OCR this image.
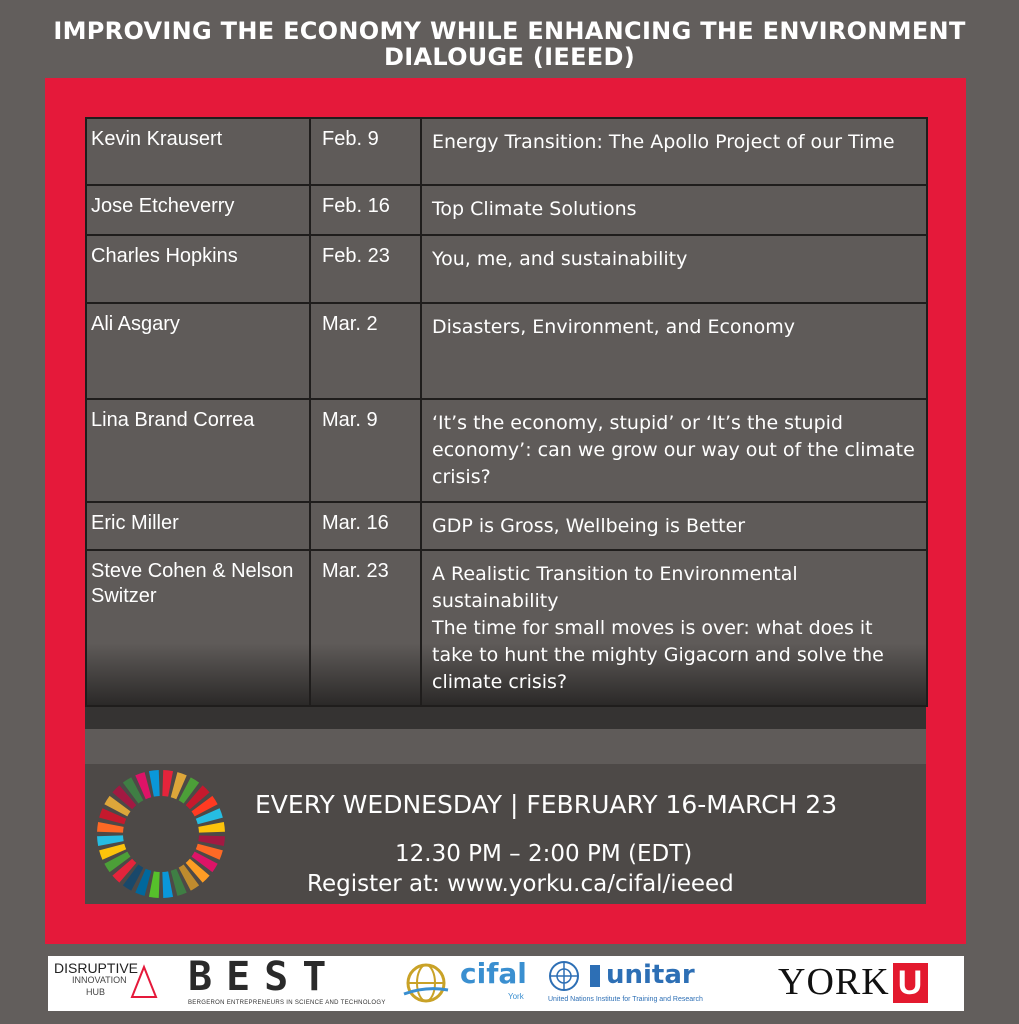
IMPROVING THE ECONOMY WHILE ENHANCING THE ENVIRONMENT
DIALOUGE (IEEED)
Kevin Krausert	Feb. 9	Energy Transition: The Apollo Project of our Time

Jose Etcheverry	Feb. 16	Top Climate Solutions

Charles Hopkins	Feb. 23	You, me, and sustainability

Ali Asgary	Mar. 2	Disasters, Environment, and Economy

Lina Brand Correa	Mar. 9	‘It’s the economy, stupid’ or ‘It’s the stupid economy’: can we grow our way out of the climate crisis?

Eric Miller	Mar. 16	GDP is Gross, Wellbeing is Better

Steve Cohen & Nelson Switzer	Mar. 23	A Realistic Transition to Environmental sustainability
The time for small moves is over: what does it take to hunt the mighty Gigacorn and solve the climate crisis?
EVERY WEDNESDAY | FEBRUARY 16-MARCH 23
12.30 PM – 2:00 PM (EDT)
Register at: www.yorku.ca/cifal/ieeed
DISRUPTIVE
INNOVATION
HUB	BEST
BERGERON ENTREPRENEURS IN SCIENCE AND TECHNOLOGY
cifal
York
unitar
United Nations Institute for Training and Research YORK U
